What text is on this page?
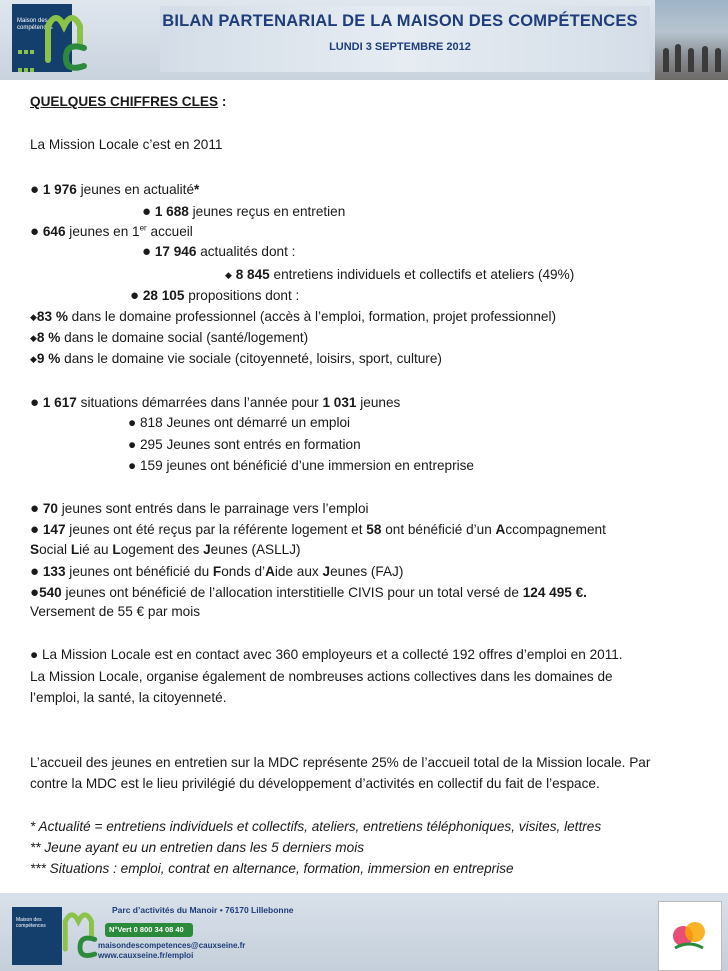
Maison des compétences	BILAN PARTENARIAL DE LA MAISON DES COMPÉTENCES
LUNDI 3 SEPTEMBRE 2012
QUELQUES CHIFFRES CLES :
La Mission Locale c’est en 2011
● 1 976 jeunes en actualité*
● 1 688 jeunes reçus en entretien
● 646 jeunes en 1er accueil
● 17 946 actualités dont :
◆ 8 845 entretiens individuels et collectifs et ateliers (49%)
● 28 105 propositions dont :
◆83 % dans le domaine professionnel (accès à l’emploi, formation, projet professionnel)
◆8 % dans le domaine social (santé/logement)
◆9 % dans le domaine vie sociale (citoyenneté, loisirs, sport, culture)
● 1 617 situations démarrées dans l’année pour 1 031 jeunes
● 818 Jeunes ont démarré un emploi
● 295 Jeunes sont entrés en formation
● 159 jeunes ont bénéficié d’une immersion en entreprise
● 70 jeunes sont entrés dans le parrainage vers l’emploi
● 147 jeunes ont été reçus par la référente logement et 58 ont bénéficié d’un Accompagnement
Social Lié au Logement des Jeunes (ASLLJ)
● 133 jeunes ont bénéficié du Fonds d’Aide aux Jeunes (FAJ)
●540 jeunes ont bénéficié de l’allocation interstitielle CIVIS pour un total versé de 124 495 €.
Versement de 55 € par mois
● La Mission Locale est en contact avec 360 employeurs et a collecté 192 offres d’emploi en 2011.
La Mission Locale, organise également de nombreuses actions collectives dans les domaines de
l’emploi, la santé, la citoyenneté.
L’accueil des jeunes en entretien sur la MDC représente 25% de l’accueil total de la Mission locale. Par
contre la MDC est le lieu privilégié du développement d’activités en collectif du fait de l’espace.
* Actualité = entretiens individuels et collectifs, ateliers, entretiens téléphoniques, visites, lettres
** Jeune ayant eu un entretien dans les 5 derniers mois
*** Situations : emploi, contrat en alternance, formation, immersion en entreprise
Maison des compétences
Parc d’activités du Manoir • 76170 Lillebonne
N°Vert 0 800 34 08 40
maisondescompetences@cauxseine.fr
www.cauxseine.fr/emploi
